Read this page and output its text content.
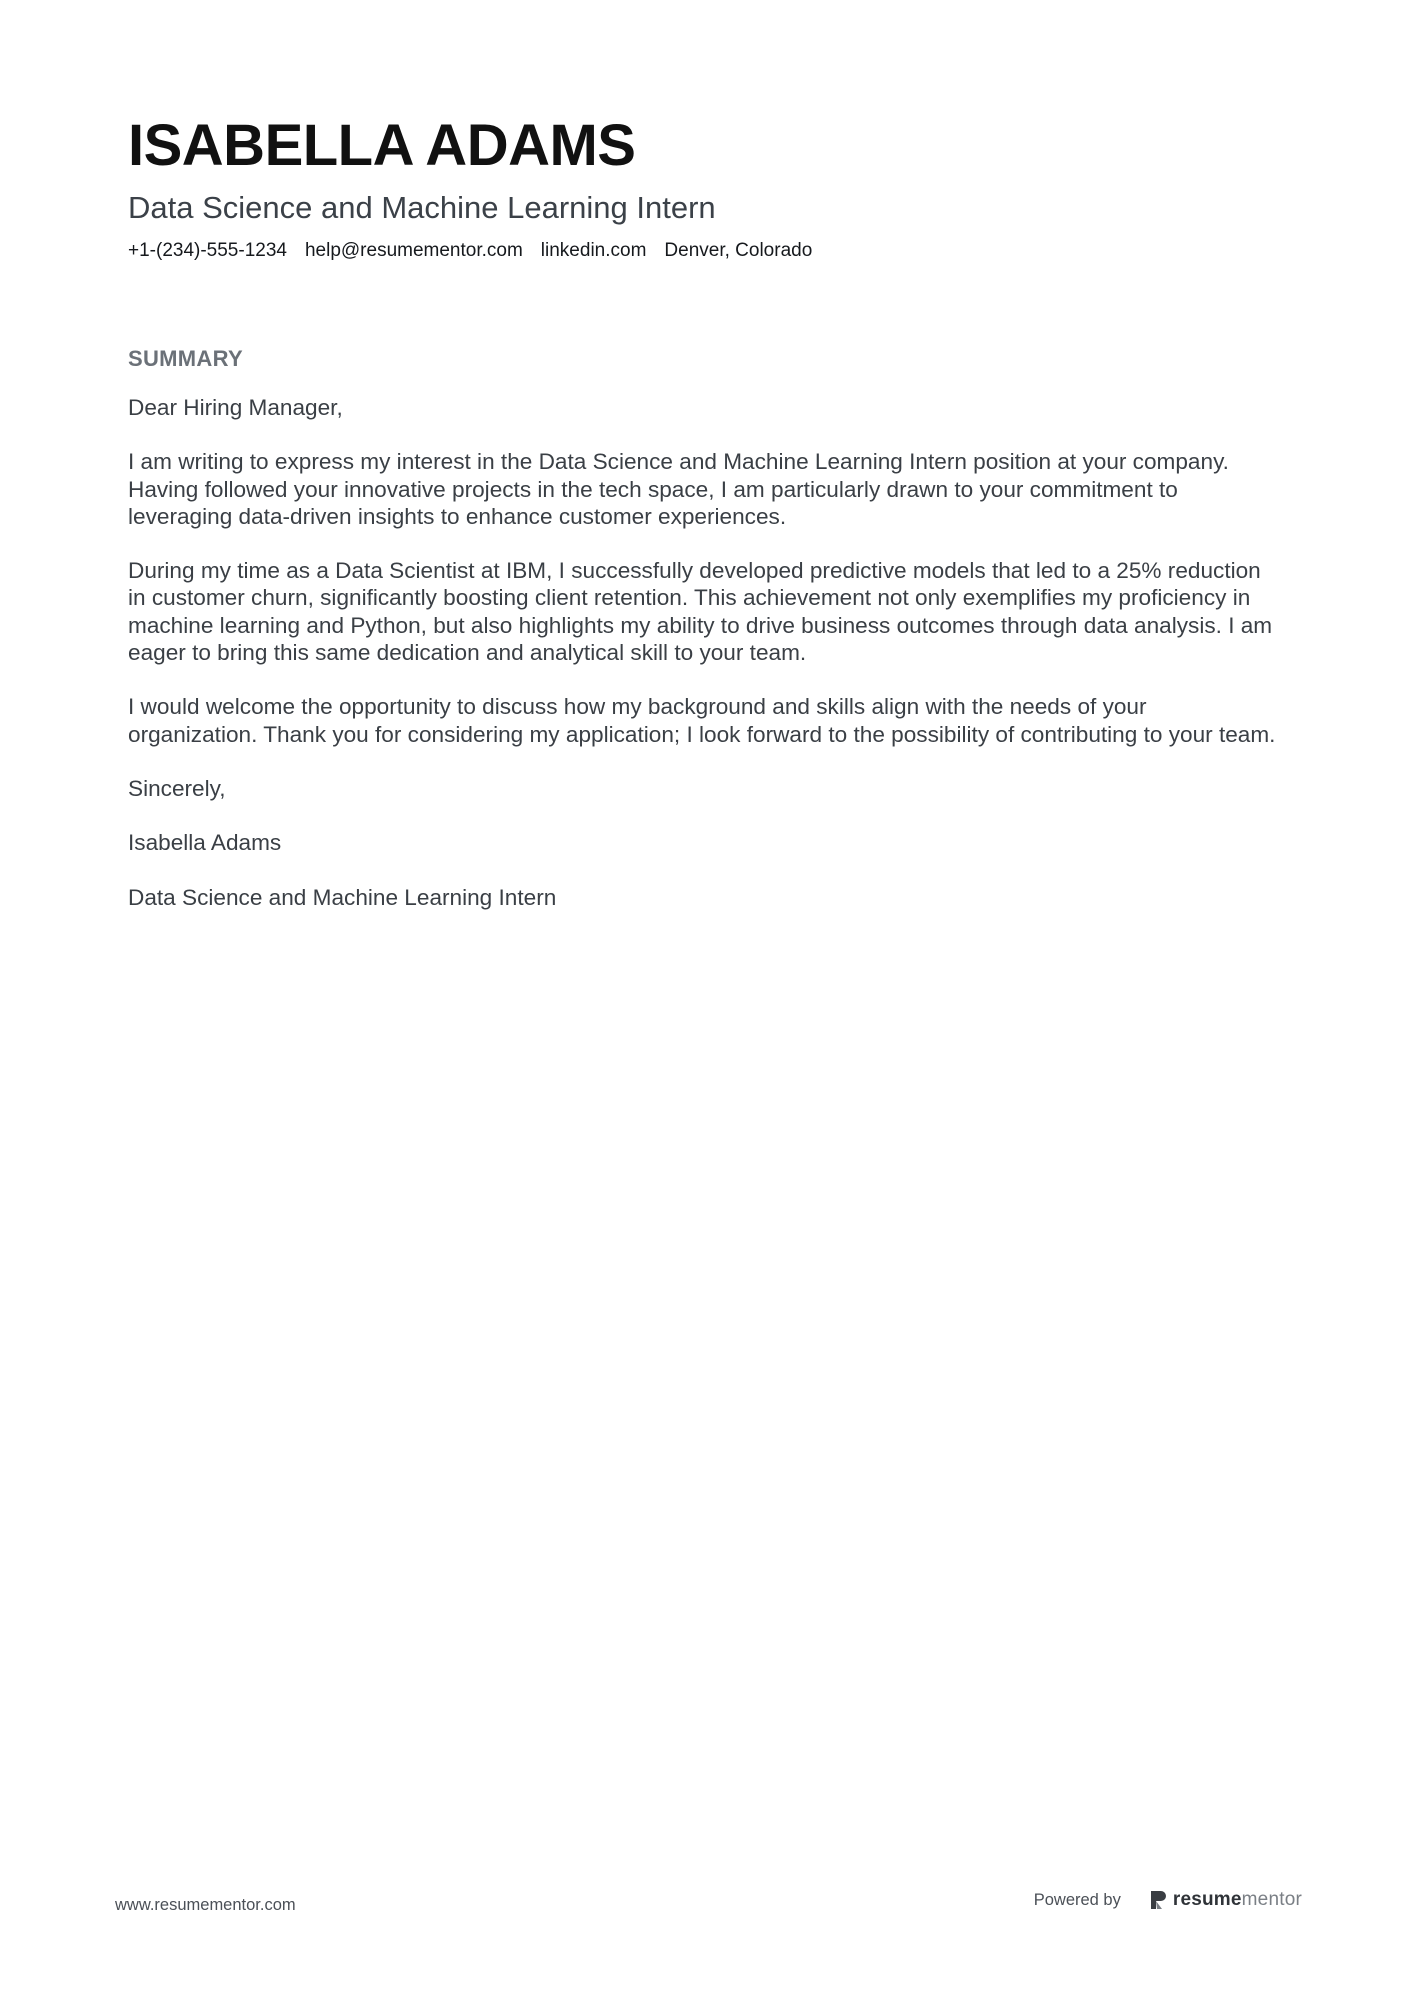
ISABELLA ADAMS
Data Science and Machine Learning Intern
+1-(234)-555-1234 help@resumementor.com linkedin.com Denver, Colorado
SUMMARY

Dear Hiring Manager,

I am writing to express my interest in the Data Science and Machine Learning Intern position at your company. Having followed your innovative projects in the tech space, I am particularly drawn to your commitment to leveraging data-driven insights to enhance customer experiences.

During my time as a Data Scientist at IBM, I successfully developed predictive models that led to a 25% reduction in customer churn, significantly boosting client retention. This achievement not only exemplifies my proficiency in machine learning and Python, but also highlights my ability to drive business outcomes through data analysis. I am eager to bring this same dedication and analytical skill to your team.

I would welcome the opportunity to discuss how my background and skills align with the needs of your organization. Thank you for considering my application; I look forward to the possibility of contributing to your team.

Sincerely,

Isabella Adams

Data Science and Machine Learning Intern

www.resumementor.com	Powered by	resumementor
